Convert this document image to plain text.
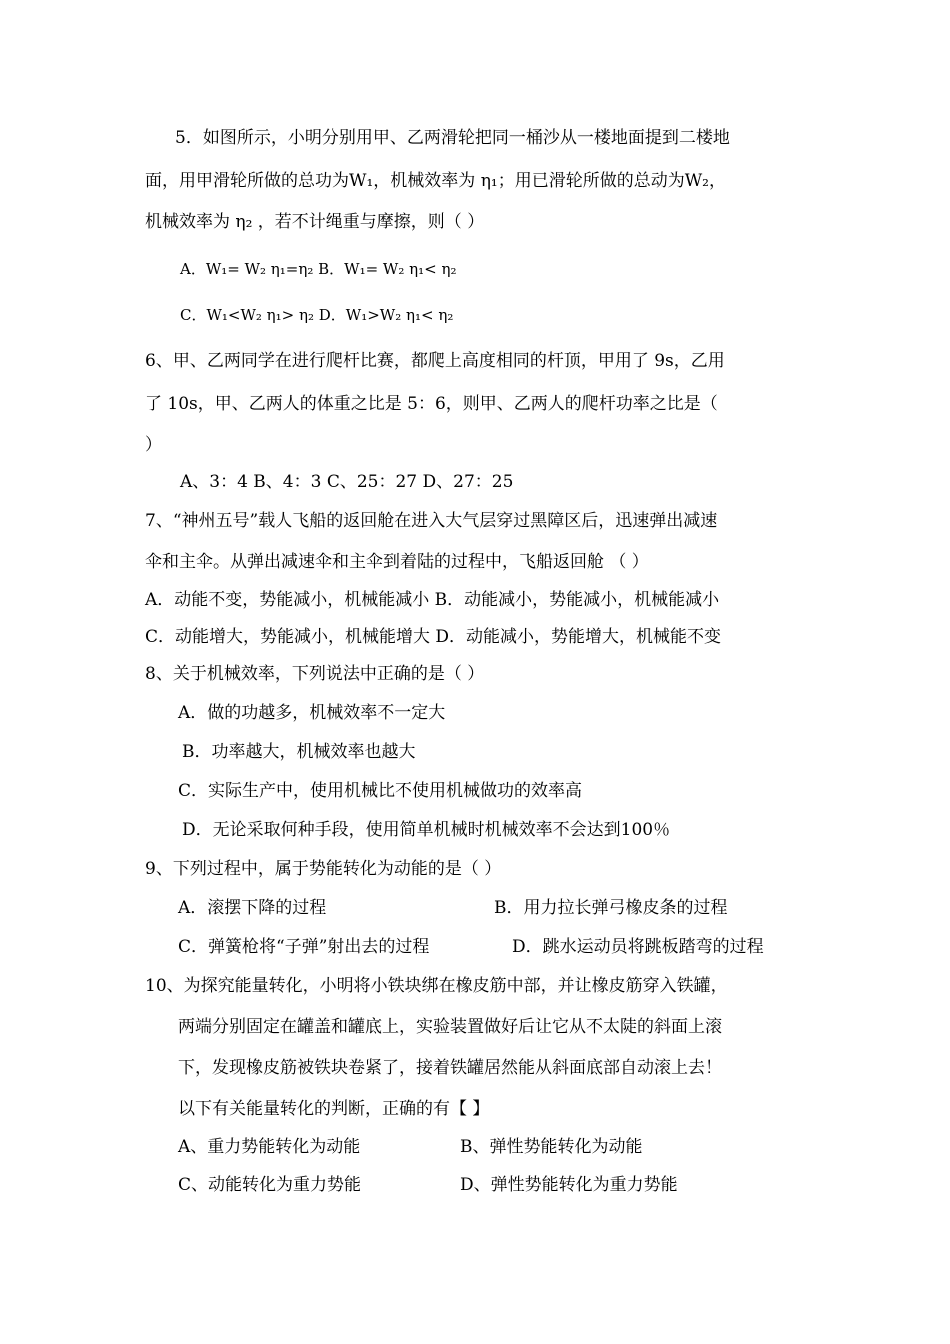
5．如图所示，小明分别用甲、乙两滑轮把同一桶沙从一楼地面提到二楼地
面，用甲滑轮所做的总功为W₁，机械效率为 η₁；用已滑轮所做的总动为W₂，
机械效率为 η₂ ，若不计绳重与摩擦，则（ ）
A．W₁= W₂ η₁=η₂ B．W₁= W₂ η₁< η₂
C．W₁<W₂ η₁> η₂ D．W₁>W₂ η₁< η₂
6、甲、乙两同学在进行爬杆比赛，都爬上高度相同的杆顶，甲用了 9s，乙用
了 10s，甲、乙两人的体重之比是 5：6，则甲、乙两人的爬杆功率之比是（
）
A、3：4 B、4：3 C、25：27 D、27：25
7、“神州五号”载人飞船的返回舱在进入大气层穿过黑障区后，迅速弹出减速
伞和主伞。从弹出减速伞和主伞到着陆的过程中，飞船返回舱 （ ）
A．动能不变，势能减小，机械能减小 B．动能减小，势能减小，机械能减小
C．动能增大，势能减小，机械能增大 D．动能减小，势能增大，机械能不变
8、关于机械效率，下列说法中正确的是（ ）
A．做的功越多，机械效率不一定大
B．功率越大，机械效率也越大
C．实际生产中，使用机械比不使用机械做功的效率高
D．无论采取何种手段，使用简单机械时机械效率不会达到100％
9、下列过程中，属于势能转化为动能的是（ ）
A．滚摆下降的过程	B．用力拉长弹弓橡皮条的过程
C．弹簧枪将“子弹”射出去的过程	D．跳水运动员将跳板踏弯的过程
10、为探究能量转化，小明将小铁块绑在橡皮筋中部，并让橡皮筋穿入铁罐，
两端分别固定在罐盖和罐底上，实验装置做好后让它从不太陡的斜面上滚
下，发现橡皮筋被铁块卷紧了，接着铁罐居然能从斜面底部自动滚上去！
以下有关能量转化的判断，正确的有【 】
A、重力势能转化为动能	B、弹性势能转化为动能
C、动能转化为重力势能	D、弹性势能转化为重力势能
